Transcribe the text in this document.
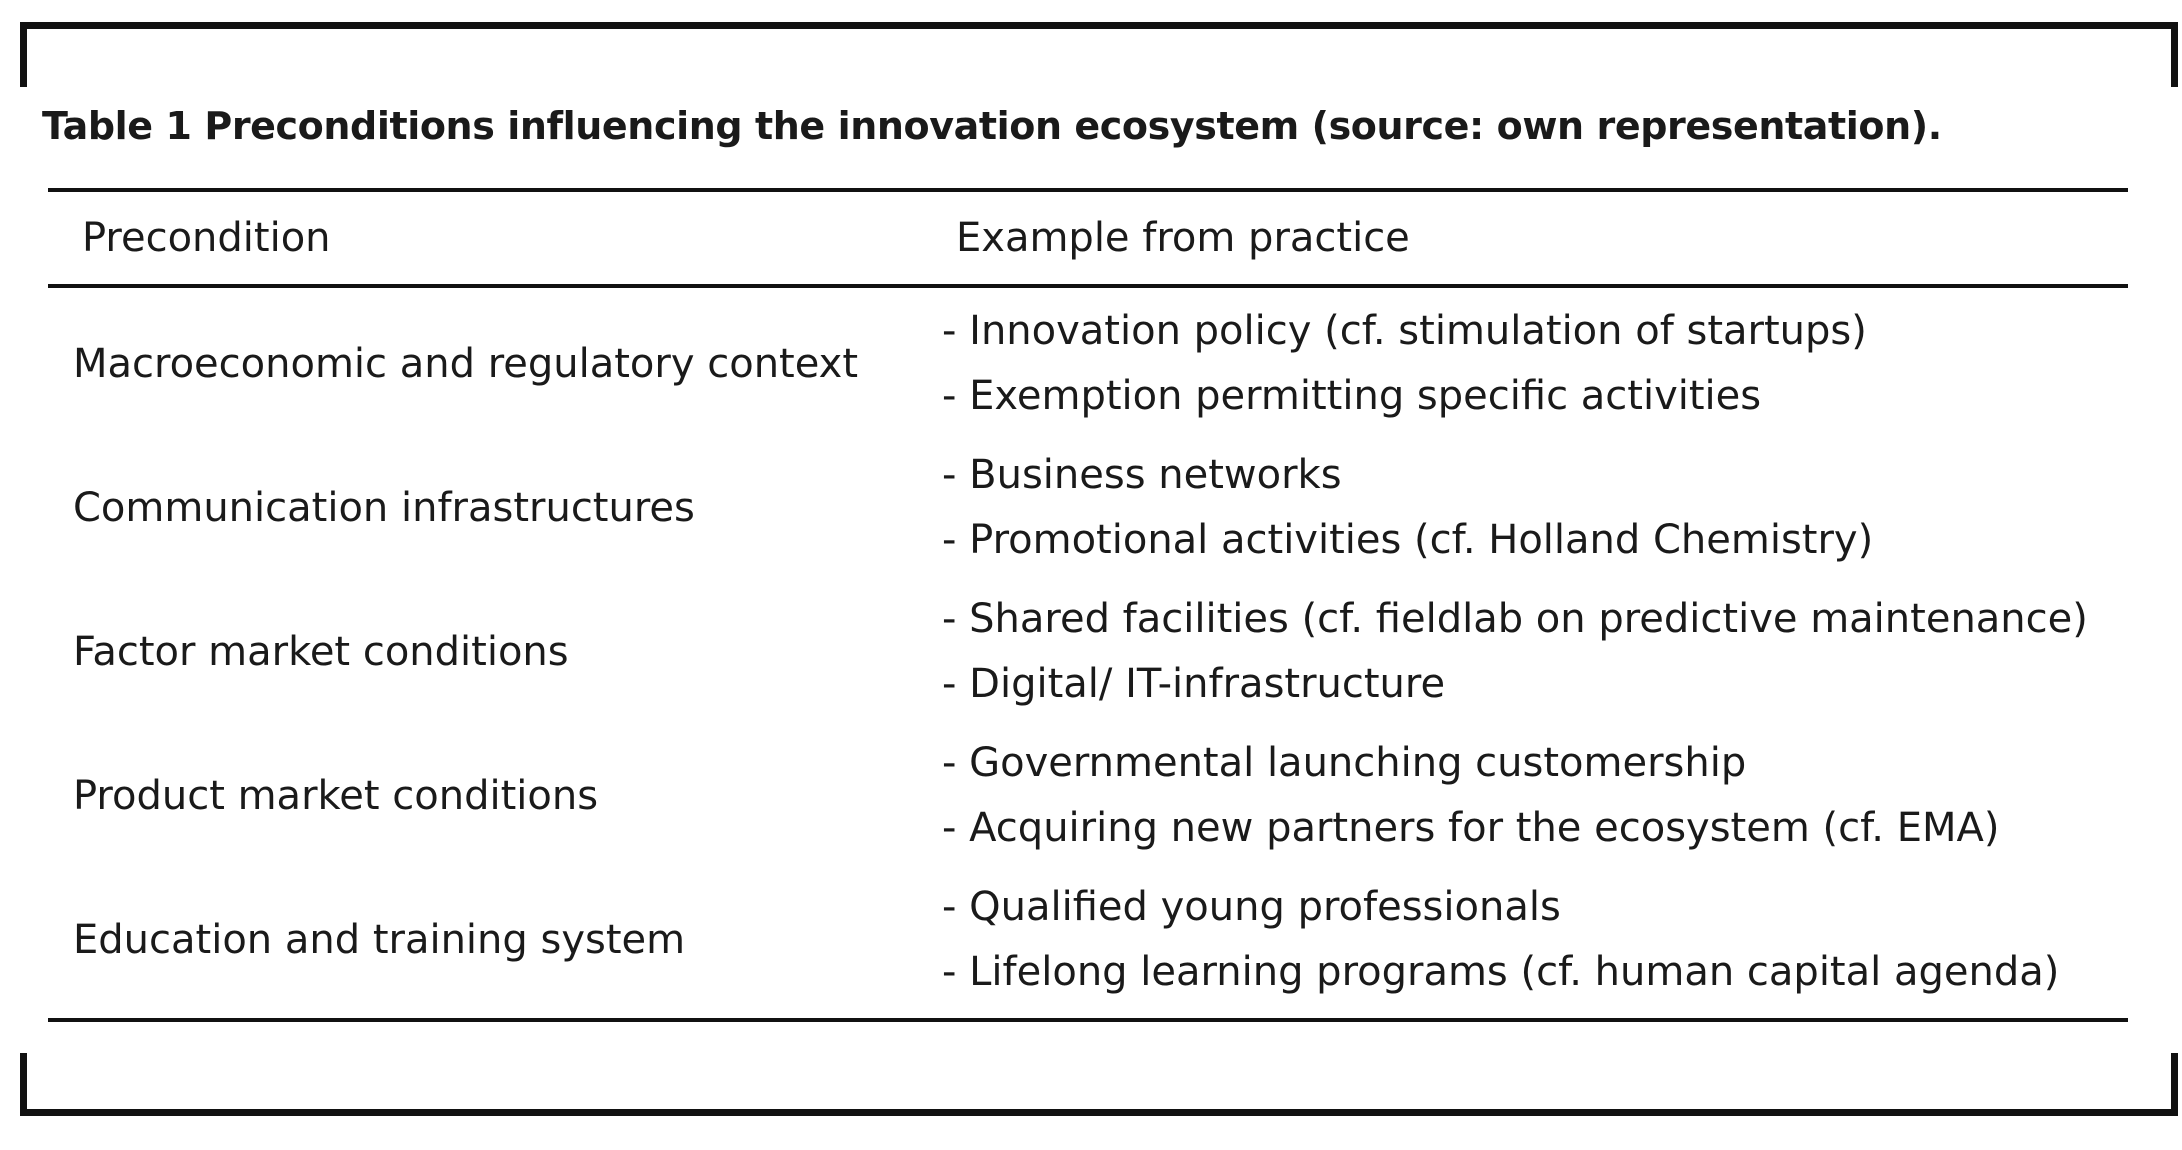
Table 1 Preconditions influencing the innovation ecosystem (source: own representation).
Precondition	Example from practice
Macroeconomic and regulatory context
- Innovation policy (cf. stimulation of startups)
- Exemption permitting specific activities
Communication infrastructures
- Business networks
- Promotional activities (cf. Holland Chemistry)
Factor market conditions
- Shared facilities (cf. fieldlab on predictive maintenance)
- Digital/ IT-infrastructure
Product market conditions
- Governmental launching customership
- Acquiring new partners for the ecosystem (cf. EMA)
Education and training system
- Qualified young professionals
- Lifelong learning programs (cf. human capital agenda)
